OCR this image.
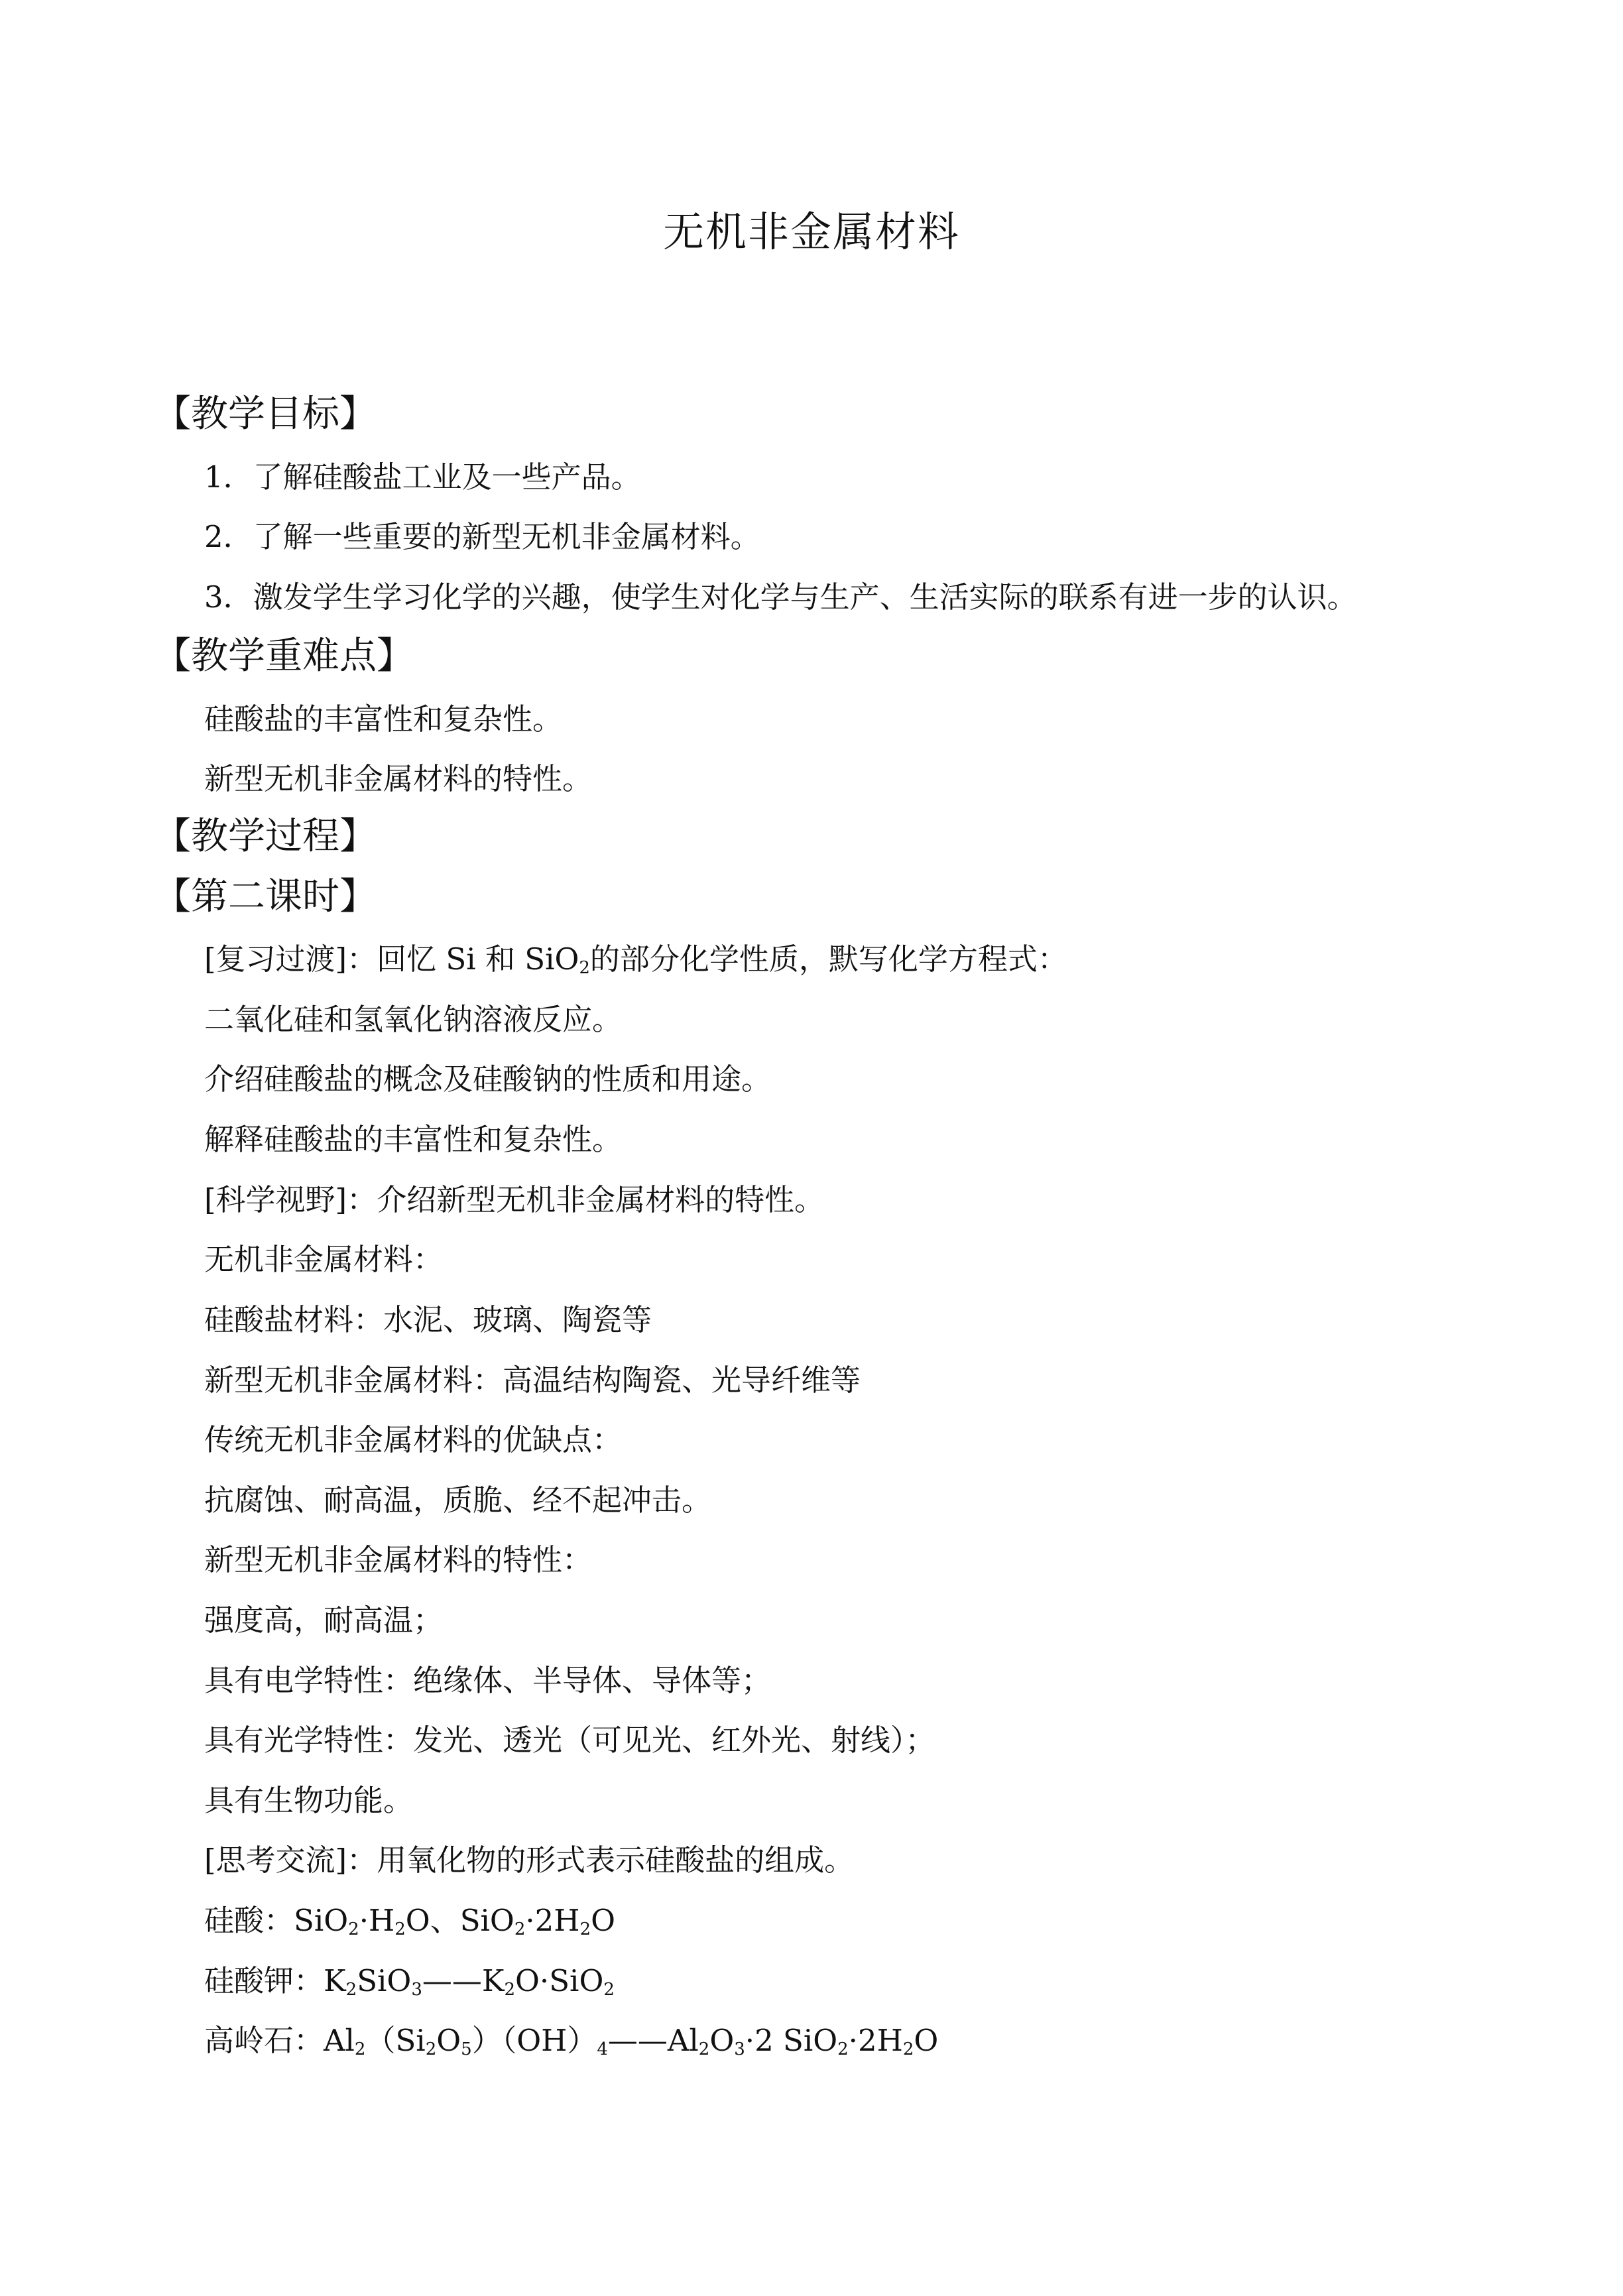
无机非金属材料
【教学目标】
1．了解硅酸盐工业及一些产品。
2．了解一些重要的新型无机非金属材料。
3．激发学生学习化学的兴趣，使学生对化学与生产、生活实际的联系有进一步的认识。
【教学重难点】
硅酸盐的丰富性和复杂性。
新型无机非金属材料的特性。
【教学过程】
【第二课时】
[复习过渡]：回忆 Si 和 SiO$_2$的部分化学性质，默写化学方程式：
二氧化硅和氢氧化钠溶液反应。
介绍硅酸盐的概念及硅酸钠的性质和用途。
解释硅酸盐的丰富性和复杂性。
[科学视野]：介绍新型无机非金属材料的特性。
无机非金属材料：
硅酸盐材料：水泥、玻璃、陶瓷等
新型无机非金属材料：高温结构陶瓷、光导纤维等
传统无机非金属材料的优缺点：
抗腐蚀、耐高温，质脆、经不起冲击。
新型无机非金属材料的特性：
强度高，耐高温；
具有电学特性：绝缘体、半导体、导体等；
具有光学特性：发光、透光（可见光、红外光、射线）；
具有生物功能。
[思考交流]：用氧化物的形式表示硅酸盐的组成。
硅酸：$SiO_2\cdot H_2O$、$SiO_2\cdot 2H_2O$
硅酸钾：$K_2SiO_3——K_2O\cdot SiO_2$
高岭石：$Al_2(Si_2O_5)(OH)_4——Al_2O_3\cdot 2$ $SiO_2\cdot 2H_2O$
